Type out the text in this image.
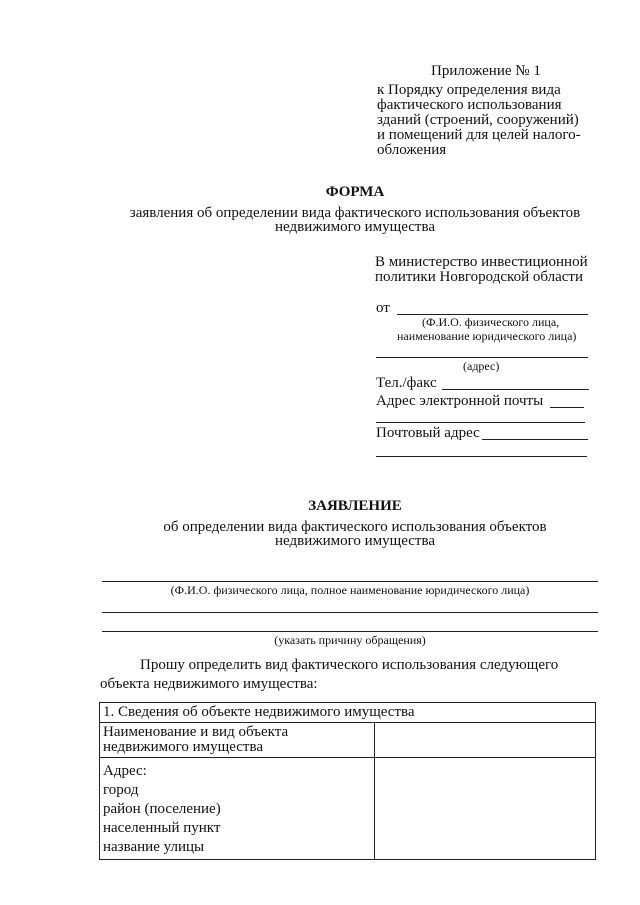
Приложение № 1
к Порядку определения вида
фактического использования
зданий (строений, сооружений)
и помещений для целей налого-
обложения
ФОРМА
заявления об определении вида фактического использования объектов
недвижимого имущества
В министерство инвестиционной
политики Новгородской области
от
(Ф.И.О. физического лица,
наименование юридического лица)
(адрес)
Тел./факс
Адрес электронной почты
Почтовый адрес
ЗАЯВЛЕНИЕ
об определении вида фактического использования объектов
недвижимого имущества
(Ф.И.О. физического лица, полное наименование юридического лица)
(указать причину обращения)
Прошу определить вид фактического использования следующего
объекта недвижимого имущества:
1. Сведения об объекте недвижимого имущества	

Наименование и вид объекта
недвижимого имущества	

Адрес:
город
район (поселение)
населенный пункт
название улицы	
